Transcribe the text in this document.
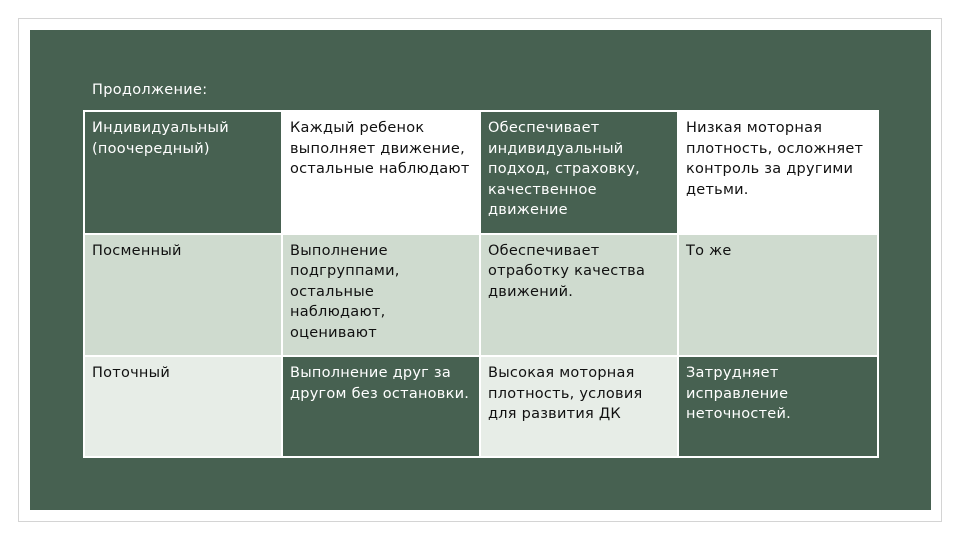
Продолжение:
Индивидуальный (поочередный)	Каждый ребенок выполняет движение, остальные наблюдают	Обеспечивает индивидуальный подход, страховку, качественное движение	Низкая моторная плотность, осложняет контроль за другими детьми.
Посменный	Выполнение подгруппами, остальные наблюдают, оценивают	Обеспечивает отработку качества движений.	То же
Поточный	Выполнение друг за другом без остановки.	Высокая моторная плотность, условия для развития ДК	Затрудняет исправление неточностей.
